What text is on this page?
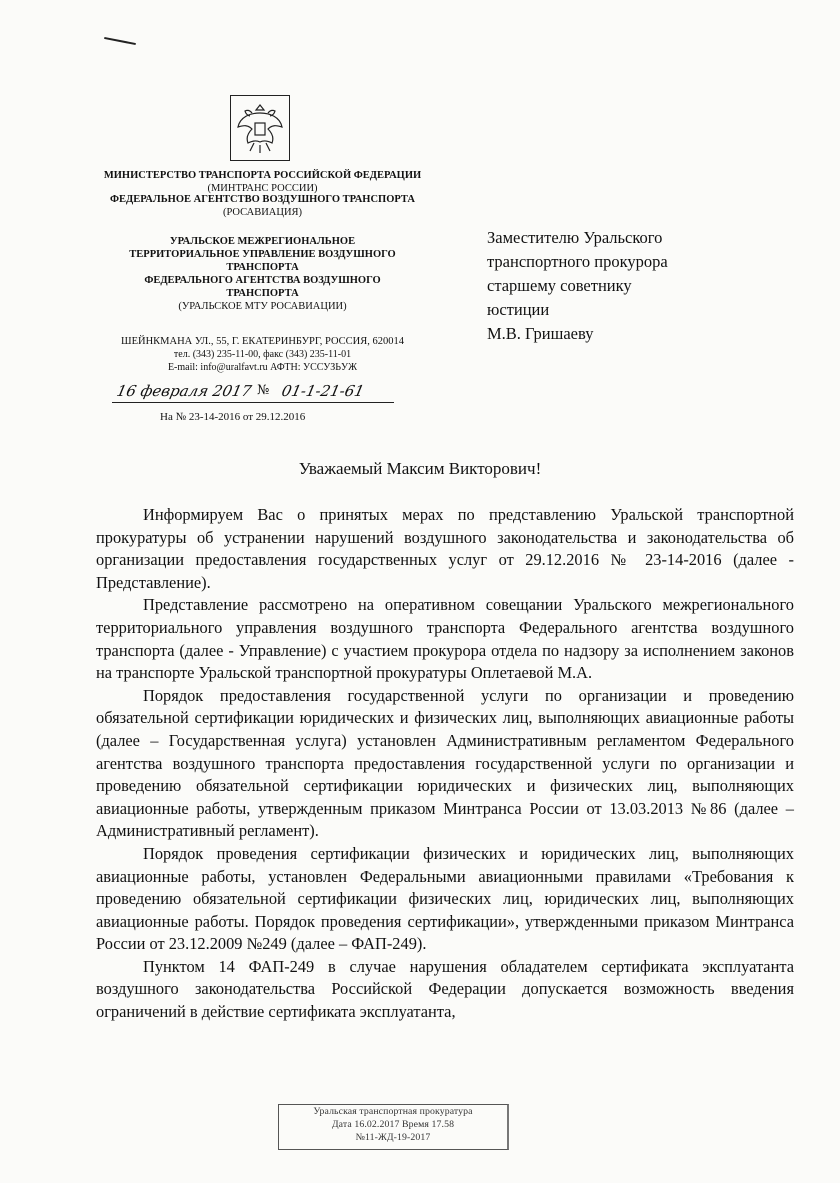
МИНИСТЕРСТВО ТРАНСПОРТА РОССИЙСКОЙ ФЕДЕРАЦИИ
(МИНТРАНС РОССИИ)
ФЕДЕРАЛЬНОЕ АГЕНТСТВО ВОЗДУШНОГО ТРАНСПОРТА
(РОСАВИАЦИЯ)
УРАЛЬСКОЕ МЕЖРЕГИОНАЛЬНОЕ
ТЕРРИТОРИАЛЬНОЕ УПРАВЛЕНИЕ ВОЗДУШНОГО
ТРАНСПОРТА
ФЕДЕРАЛЬНОГО АГЕНТСТВА ВОЗДУШНОГО
ТРАНСПОРТА
(УРАЛЬСКОЕ МТУ РОСАВИАЦИИ)
ШЕЙНКМАНА УЛ., 55, Г. ЕКАТЕРИНБУРГ, РОССИЯ, 620014
тел. (343) 235-11-00, факс (343) 235-11-01
E-mail: info@uralfavt.ru АФТН: УССУЗЬУЖ
16 февраля 2017 № 01-1-21-61
На № 23-14-2016 от 29.12.2016
Заместителю Уральского
транспортного прокурора
старшему советнику
юстиции
М.В. Гришаеву
Уважаемый Максим Викторович!

Информируем Вас о принятых мерах по представлению Уральской транспортной прокуратуры об устранении нарушений воздушного законодательства и законодательства об организации предоставления государственных услуг от 29.12.2016 № 23-14-2016 (далее - Представление).

Представление рассмотрено на оперативном совещании Уральского межрегионального территориального управления воздушного транспорта Федерального агентства воздушного транспорта (далее - Управление) с участием прокурора отдела по надзору за исполнением законов на транспорте Уральской транспортной прокуратуры Оплетаевой М.А.

Порядок предоставления государственной услуги по организации и проведению обязательной сертификации юридических и физических лиц, выполняющих авиационные работы (далее – Государственная услуга) установлен Административным регламентом Федерального агентства воздушного транспорта предоставления государственной услуги по организации и проведению обязательной сертификации юридических и физических лиц, выполняющих авиационные работы, утвержденным приказом Минтранса России от 13.03.2013 №86 (далее – Административный регламент).

Порядок проведения сертификации физических и юридических лиц, выполняющих авиационные работы, установлен Федеральными авиационными правилами «Требования к проведению обязательной сертификации физических лиц, юридических лиц, выполняющих авиационные работы. Порядок проведения сертификации», утвержденными приказом Минтранса России от 23.12.2009 №249 (далее – ФАП-249).

Пунктом 14 ФАП-249 в случае нарушения обладателем сертификата эксплуатанта воздушного законодательства Российской Федерации допускается возможность введения ограничений в действие сертификата эксплуатанта,

Уральская транспортная прокуратура
Дата 16.02.2017 Время 17.58
№11-ЖД-19-2017
